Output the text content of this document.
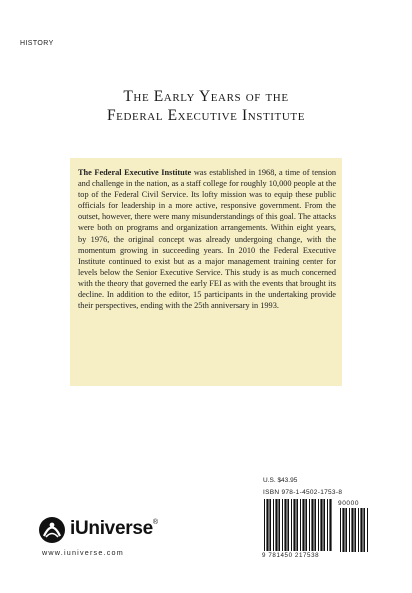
HISTORY
The Early Years of the
Federal Executive Institute
The Federal Executive Institute was established in 1968, a time of tension and challenge in the nation, as a staff college for roughly 10,000 people at the top of the Federal Civil Service. Its lofty mission was to equip these public officials for leadership in a more active, responsive government. From the outset, however, there were many misunderstandings of this goal. The attacks were both on programs and organization arrangements. Within eight years, by 1976, the original concept was already undergoing change, with the momentum growing in succeeding years. In 2010 the Federal Executive Institute continued to exist but as a major management training center for levels below the Senior Executive Service. This study is as much concerned with the theory that governed the early FEI as with the events that brought its decline. In addition to the editor, 15 participants in the undertaking provide their perspectives, ending with the 25th anniversary in 1993.
U.S. $43.95
ISBN 978-1-4502-1753-8
90000
9 781450 217538
iUniverse®
www.iuniverse.com
